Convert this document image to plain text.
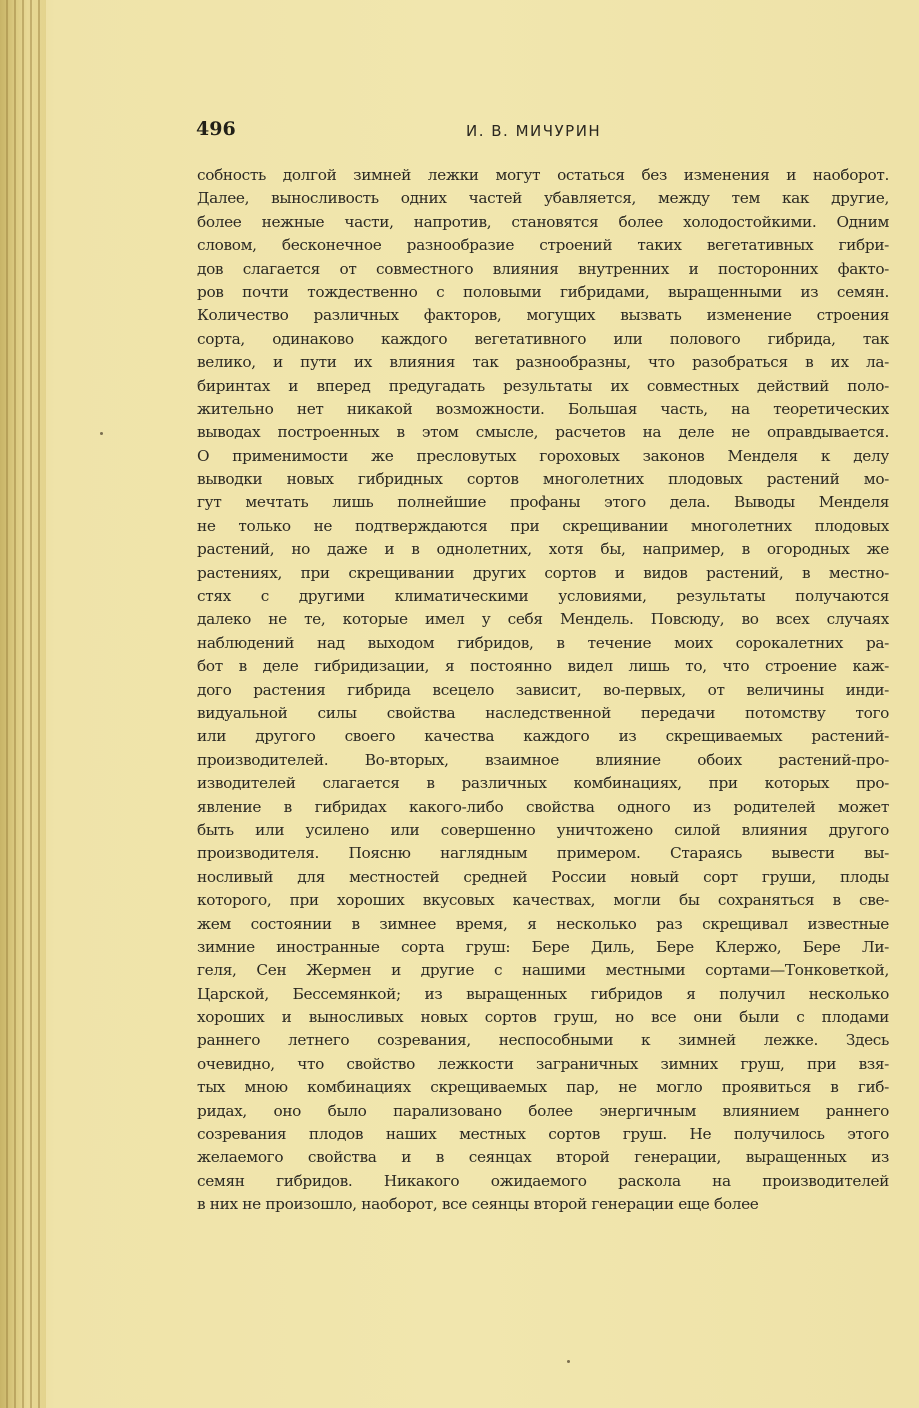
496	И. В. МИЧУРИН
собность долгой зимней лежки могут остаться без изменения и наоборот.
Далее, выносливость одних частей убавляется, между тем как другие,
более нежные части, напротив, становятся более холодостойкими. Одним
словом, бесконечное разнообразие строений таких вегетативных гибри-
дов слагается от совместного влияния внутренних и посторонних факто-
ров почти тождественно с половыми гибридами, выращенными из семян.
Количество различных факторов, могущих вызвать изменение строения
сорта, одинаково каждого вегетативного или полового гибрида, так
велико, и пути их влияния так разнообразны, что разобраться в их ла-
биринтах и вперед предугадать результаты их совместных действий поло-
жительно нет никакой возможности. Большая часть, на теоретических
выводах построенных в этом смысле, расчетов на деле не оправдывается.
О применимости же пресловутых гороховых законов Менделя к делу
выводки новых гибридных сортов многолетних плодовых растений мо-
гут мечтать лишь полнейшие профаны этого дела. Выводы Менделя
не только не подтверждаются при скрещивании многолетних плодовых
растений, но даже и в однолетних, хотя бы, например, в огородных же
растениях, при скрещивании других сортов и видов растений, в местно-
стях с другими климатическими условиями, результаты получаются
далеко не те, которые имел у себя Мендель. Повсюду, во всех случаях
наблюдений над выходом гибридов, в течение моих сорокалетних ра-
бот в деле гибридизации, я постоянно видел лишь то, что строение каж-
дого растения гибрида всецело зависит, во-первых, от величины инди-
видуальной силы свойства наследственной передачи потомству того
или другого своего качества каждого из скрещиваемых растений-
производителей. Во-вторых, взаимное влияние обоих растений-про-
изводителей слагается в различных комбинациях, при которых про-
явление в гибридах какого-либо свойства одного из родителей может
быть или усилено или совершенно уничтожено силой влияния другого
производителя. Поясню наглядным примером. Стараясь вывести вы-
носливый для местностей средней России новый сорт груши, плоды
которого, при хороших вкусовых качествах, могли бы сохраняться в све-
жем состоянии в зимнее время, я несколько раз скрещивал известные
зимние иностранные сорта груш: Бере Диль, Бере Клержо, Бере Ли-
геля, Сен Жермен и другие с нашими местными сортами—Тонковеткой,
Царской, Бессемянкой; из выращенных гибридов я получил несколько
хороших и выносливых новых сортов груш, но все они были с плодами
раннего летнего созревания, неспособными к зимней лежке. Здесь
очевидно, что свойство лежкости заграничных зимних груш, при взя-
тых мною комбинациях скрещиваемых пар, не могло проявиться в гиб-
ридах, оно было парализовано более энергичным влиянием раннего
созревания плодов наших местных сортов груш. Не получилось этого
желаемого свойства и в сеянцах второй генерации, выращенных из
семян гибридов. Никакого ожидаемого раскола на производителей
в них не произошло, наоборот, все сеянцы второй генерации еще более
